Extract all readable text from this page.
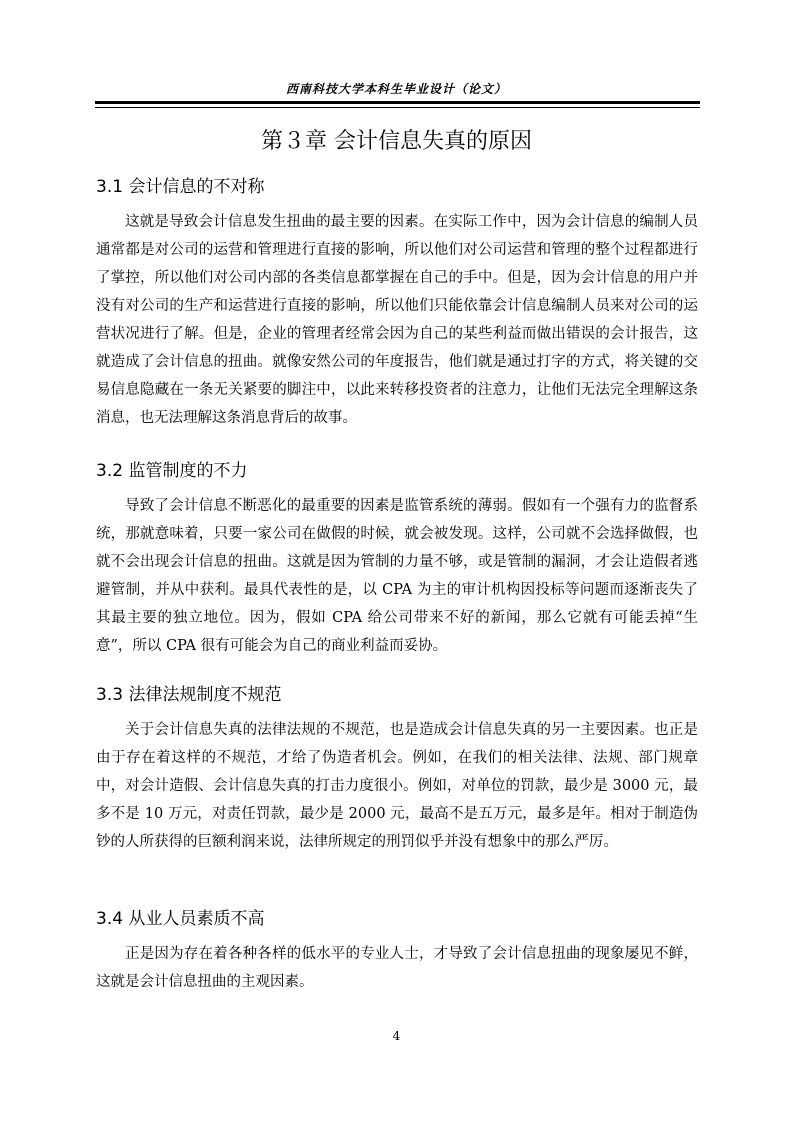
西南科技大学本科生毕业设计（论文）
第３章 会计信息失真的原因
3.1 会计信息的不对称

这就是导致会计信息发生扭曲的最主要的因素。在实际工作中，因为会计信息的编制人员通常都是对公司的运营和管理进行直接的影响，所以他们对公司运营和管理的整个过程都进行了掌控，所以他们对公司内部的各类信息都掌握在自己的手中。但是，因为会计信息的用户并没有对公司的生产和运营进行直接的影响，所以他们只能依靠会计信息编制人员来对公司的运营状况进行了解。但是，企业的管理者经常会因为自己的某些利益而做出错误的会计报告，这就造成了会计信息的扭曲。就像安然公司的年度报告，他们就是通过打字的方式，将关键的交易信息隐藏在一条无关紧要的脚注中，以此来转移投资者的注意力，让他们无法完全理解这条消息，也无法理解这条消息背后的故事。

3.2 监管制度的不力

导致了会计信息不断恶化的最重要的因素是监管系统的薄弱。假如有一个强有力的监督系统，那就意味着，只要一家公司在做假的时候，就会被发现。这样，公司就不会选择做假，也就不会出现会计信息的扭曲。这就是因为管制的力量不够，或是管制的漏洞，才会让造假者逃避管制，并从中获利。最具代表性的是，以 CPA 为主的审计机构因投标等问题而逐渐丧失了其最主要的独立地位。因为，假如 CPA 给公司带来不好的新闻，那么它就有可能丢掉“生意”，所以 CPA 很有可能会为自己的商业利益而妥协。

3.3 法律法规制度不规范

关于会计信息失真的法律法规的不规范，也是造成会计信息失真的另一主要因素。也正是由于存在着这样的不规范，才给了伪造者机会。例如，在我们的相关法律、法规、部门规章中，对会计造假、会计信息失真的打击力度很小。例如，对单位的罚款，最少是 3000 元，最多不是 10 万元，对责任罚款，最少是 2000 元，最高不是五万元，最多是年。相对于制造伪钞的人所获得的巨额利润来说，法律所规定的刑罚似乎并没有想象中的那么严厉。

3.4 从业人员素质不高

正是因为存在着各种各样的低水平的专业人士，才导致了会计信息扭曲的现象屡见不鲜，这就是会计信息扭曲的主观因素。

4
